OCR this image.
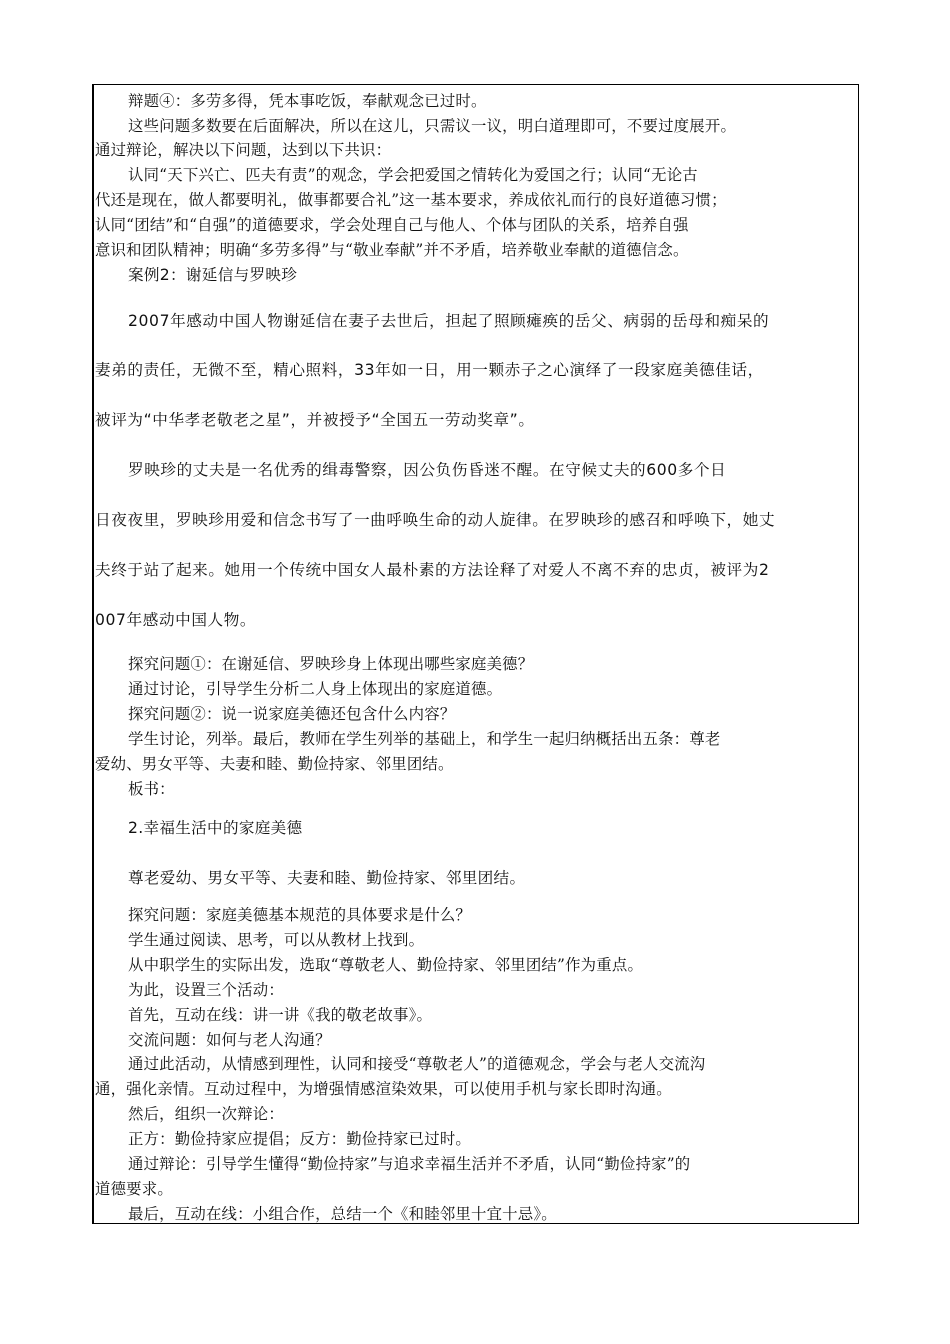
辩题④：多劳多得，凭本事吃饭，奉献观念已过时。
这些问题多数要在后面解决，所以在这儿，只需议一议，明白道理即可，不要过度展开。
通过辩论，解决以下问题，达到以下共识：
认同“天下兴亡、匹夫有责”的观念，学会把爱国之情转化为爱国之行；认同“无论古
代还是现在，做人都要明礼，做事都要合礼”这一基本要求，养成依礼而行的良好道德习惯；
认同“团结”和“自强”的道德要求，学会处理自己与他人、个体与团队的关系，培养自强
意识和团队精神；明确“多劳多得”与“敬业奉献”并不矛盾，培养敬业奉献的道德信念。
案例2：谢延信与罗映珍
2007年感动中国人物谢延信在妻子去世后，担起了照顾瘫痪的岳父、病弱的岳母和痴呆的
妻弟的责任，无微不至，精心照料，33年如一日，用一颗赤子之心演绎了一段家庭美德佳话，
被评为“中华孝老敬老之星”，并被授予“全国五一劳动奖章”。
罗映珍的丈夫是一名优秀的缉毒警察，因公负伤昏迷不醒。在守候丈夫的600多个日
日夜夜里，罗映珍用爱和信念书写了一曲呼唤生命的动人旋律。在罗映珍的感召和呼唤下，她丈
夫终于站了起来。她用一个传统中国女人最朴素的方法诠释了对爱人不离不弃的忠贞，被评为2
007年感动中国人物。
探究问题①：在谢延信、罗映珍身上体现出哪些家庭美德？
通过讨论，引导学生分析二人身上体现出的家庭道德。
探究问题②：说一说家庭美德还包含什么内容？
学生讨论，列举。最后，教师在学生列举的基础上，和学生一起归纳概括出五条：尊老
爱幼、男女平等、夫妻和睦、勤俭持家、邻里团结。
板书：
2.幸福生活中的家庭美德
尊老爱幼、男女平等、夫妻和睦、勤俭持家、邻里团结。
探究问题：家庭美德基本规范的具体要求是什么？
学生通过阅读、思考，可以从教材上找到。
从中职学生的实际出发，选取“尊敬老人、勤俭持家、邻里团结”作为重点。
为此，设置三个活动：
首先，互动在线：讲一讲《我的敬老故事》。
交流问题：如何与老人沟通？
通过此活动，从情感到理性，认同和接受“尊敬老人”的道德观念，学会与老人交流沟
通，强化亲情。互动过程中，为增强情感渲染效果，可以使用手机与家长即时沟通。
然后，组织一次辩论：
正方：勤俭持家应提倡；反方：勤俭持家已过时。
通过辩论：引导学生懂得“勤俭持家”与追求幸福生活并不矛盾，认同“勤俭持家”的
道德要求。
最后，互动在线：小组合作，总结一个《和睦邻里十宜十忌》。
